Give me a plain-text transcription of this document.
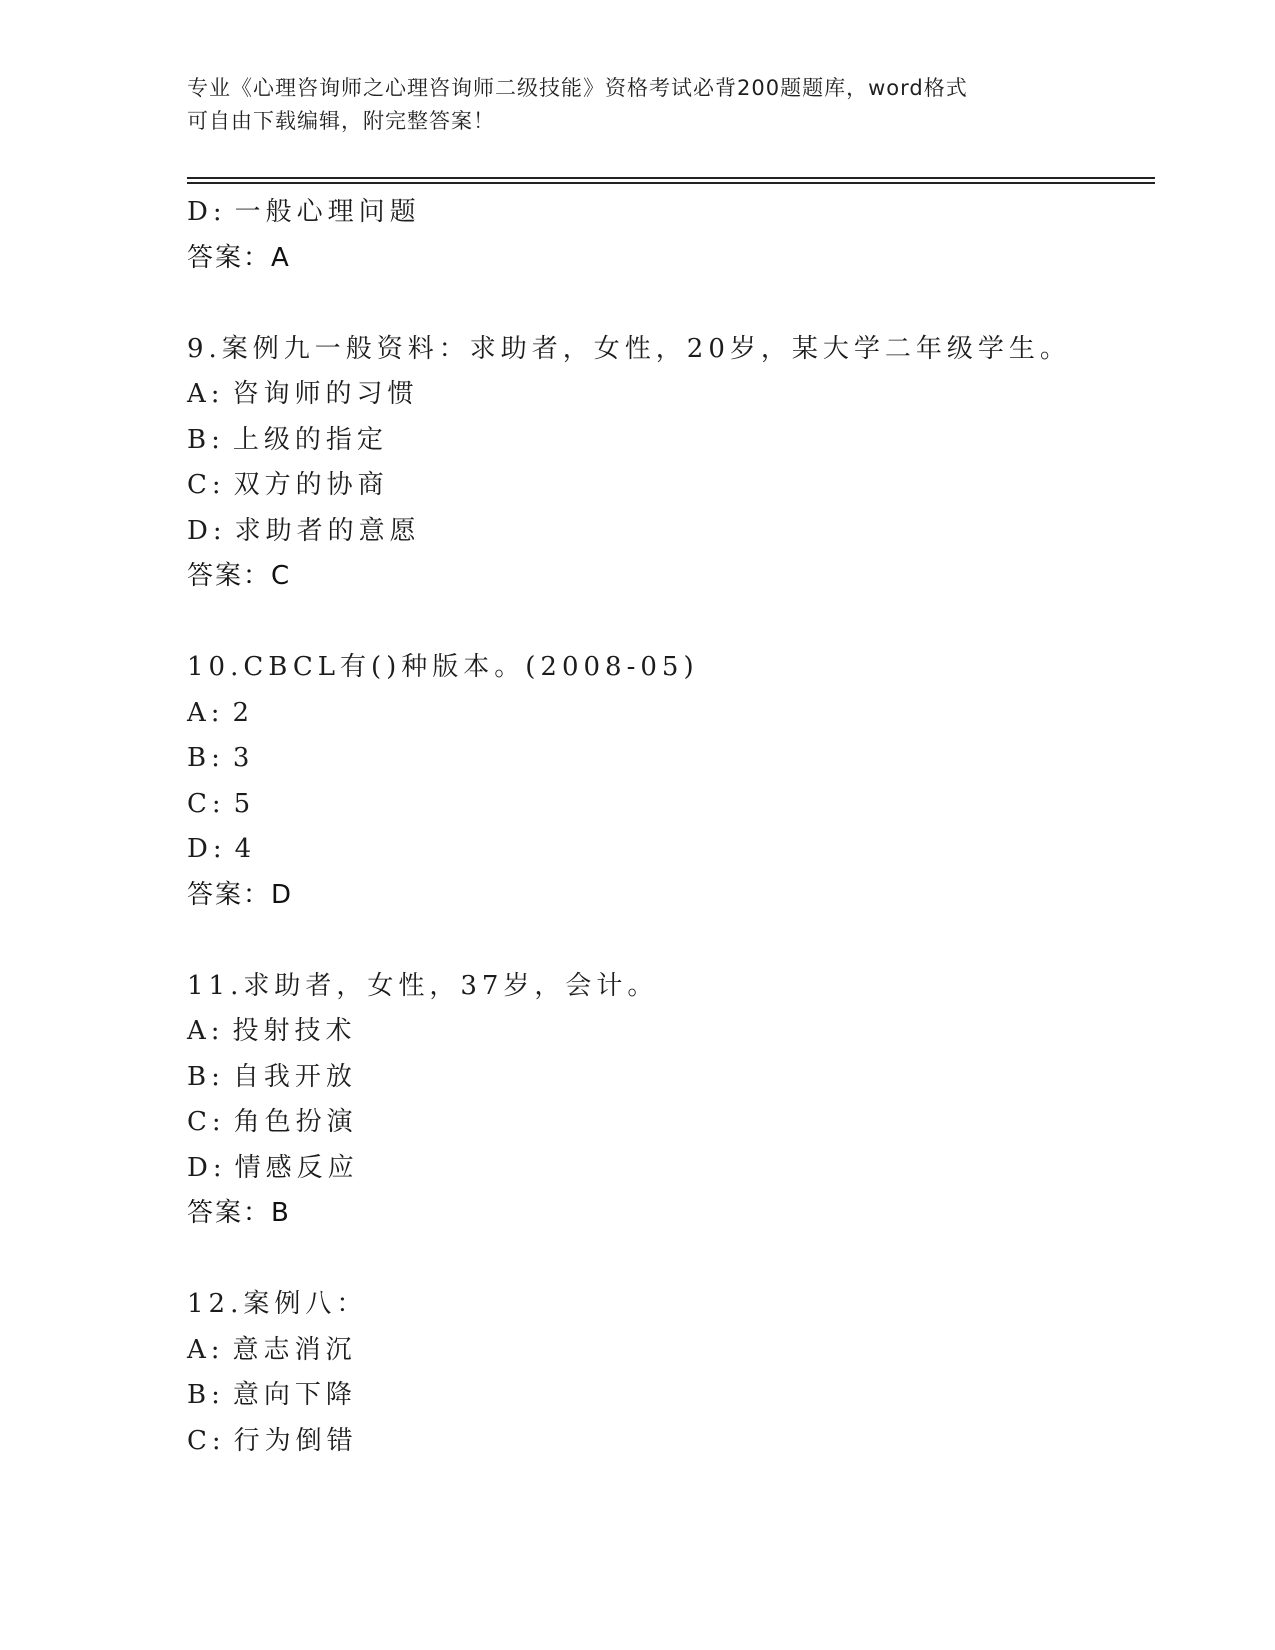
专业《心理咨询师之心理咨询师二级技能》资格考试必背200题题库，word格式
可自由下载编辑，附完整答案！
D: 一般心理问题
答案：A
9.案例九一般资料：求助者，女性，20岁，某大学二年级学生。
A: 咨询师的习惯
B: 上级的指定
C: 双方的协商
D: 求助者的意愿
答案：C
10.CBCL有()种版本。(2008-05)
A: 2
B: 3
C: 5
D: 4
答案：D
11.求助者，女性，37岁，会计。
A: 投射技术
B: 自我开放
C: 角色扮演
D: 情感反应
答案：B
12.案例八：
A: 意志消沉
B: 意向下降
C: 行为倒错
